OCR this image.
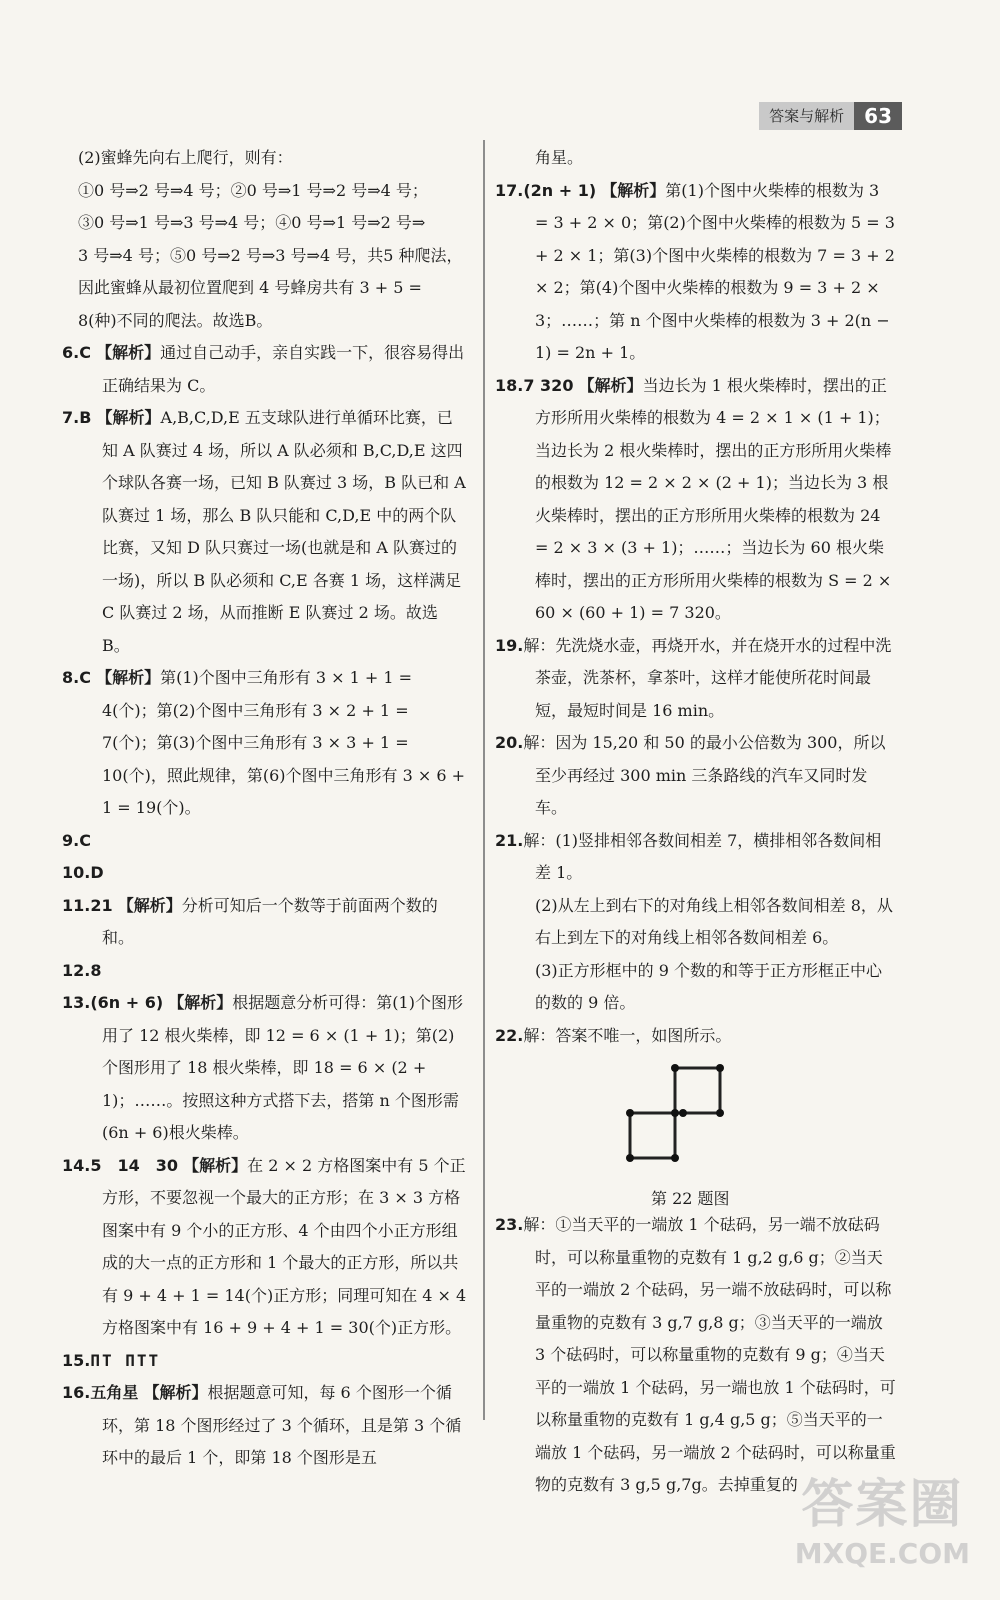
答案与解析	63

(2)蜜蜂先向右上爬行，则有：

①0 号⇒2 号⇒4 号；②0 号⇒1 号⇒2 号⇒4 号；

③0 号⇒1 号⇒3 号⇒4 号；④0 号⇒1 号⇒2 号⇒

3 号⇒4 号；⑤0 号⇒2 号⇒3 号⇒4 号，共5 种爬法，

因此蜜蜂从最初位置爬到 4 号蜂房共有 3 + 5 =

8(种)不同的爬法。故选B。

6.C 【解析】通过自己动手，亲自实践一下，很容易得出正确结果为 C。

7.B 【解析】A,B,C,D,E 五支球队进行单循环比赛，已知 A 队赛过 4 场，所以 A 队必须和 B,C,D,E 这四个球队各赛一场，已知 B 队赛过 3 场，B 队已和 A 队赛过 1 场，那么 B 队只能和 C,D,E 中的两个队比赛，又知 D 队只赛过一场(也就是和 A 队赛过的一场)，所以 B 队必须和 C,E 各赛 1 场，这样满足 C 队赛过 2 场，从而推断 E 队赛过 2 场。故选 B。

8.C 【解析】第(1)个图中三角形有 3 × 1 + 1 = 4(个)；第(2)个图中三角形有 3 × 2 + 1 = 7(个)；第(3)个图中三角形有 3 × 3 + 1 = 10(个)，照此规律，第(6)个图中三角形有 3 × 6 + 1 = 19(个)。

9.C

10.D

11.21 【解析】分析可知后一个数等于前面两个数的和。

12.8

13.(6n + 6) 【解析】根据题意分析可得：第(1)个图形用了 12 根火柴棒，即 12 = 6 × (1 + 1)；第(2)个图形用了 18 根火柴棒，即 18 = 6 × (2 + 1)；……。按照这种方式搭下去，搭第 n 个图形需(6n + 6)根火柴棒。

14.5　14　30 【解析】在 2 × 2 方格图案中有 5 个正方形，不要忽视一个最大的正方形；在 3 × 3 方格图案中有 9 个小的正方形、4 个由四个小正方形组成的大一点的正方形和 1 个最大的正方形，所以共有 9 + 4 + 1 = 14(个)正方形；同理可知在 4 × 4 方格图案中有 16 + 9 + 4 + 1 = 30(个)正方形。

15.ПТ ПТТ

16.五角星 【解析】根据题意可知，每 6 个图形一个循环，第 18 个图形经过了 3 个循环，且是第 3 个循环中的最后 1 个，即第 18 个图形是五

角星。

17.(2n + 1) 【解析】第(1)个图中火柴棒的根数为 3 = 3 + 2 × 0；第(2)个图中火柴棒的根数为 5 = 3 + 2 × 1；第(3)个图中火柴棒的根数为 7 = 3 + 2 × 2；第(4)个图中火柴棒的根数为 9 = 3 + 2 × 3；……；第 n 个图中火柴棒的根数为 3 + 2(n − 1) = 2n + 1。

18.7 320 【解析】当边长为 1 根火柴棒时，摆出的正方形所用火柴棒的根数为 4 = 2 × 1 × (1 + 1)；当边长为 2 根火柴棒时，摆出的正方形所用火柴棒的根数为 12 = 2 × 2 × (2 + 1)；当边长为 3 根火柴棒时，摆出的正方形所用火柴棒的根数为 24 = 2 × 3 × (3 + 1)；……；当边长为 60 根火柴棒时，摆出的正方形所用火柴棒的根数为 S = 2 × 60 × (60 + 1) = 7 320。

19.解：先洗烧水壶，再烧开水，并在烧开水的过程中洗茶壶，洗茶杯，拿茶叶，这样才能使所花时间最短，最短时间是 16 min。

20.解：因为 15,20 和 50 的最小公倍数为 300，所以至少再经过 300 min 三条路线的汽车又同时发车。

21.解：(1)竖排相邻各数间相差 7，横排相邻各数间相差 1。

(2)从左上到右下的对角线上相邻各数间相差 8，从右上到左下的对角线上相邻各数间相差 6。

(3)正方形框中的 9 个数的和等于正方形框正中心的数的 9 倍。

22.解：答案不唯一，如图所示。

第 22 题图

23.解：①当天平的一端放 1 个砝码，另一端不放砝码时，可以称量重物的克数有 1 g,2 g,6 g；②当天平的一端放 2 个砝码，另一端不放砝码时，可以称量重物的克数有 3 g,7 g,8 g；③当天平的一端放 3 个砝码时，可以称量重物的克数有 9 g；④当天平的一端放 1 个砝码，另一端也放 1 个砝码时，可以称量重物的克数有 1 g,4 g,5 g；⑤当天平的一端放 1 个砝码，另一端放 2 个砝码时，可以称量重物的克数有 3 g,5 g,7g。去掉重复的 答案圈
MXQE.COM
